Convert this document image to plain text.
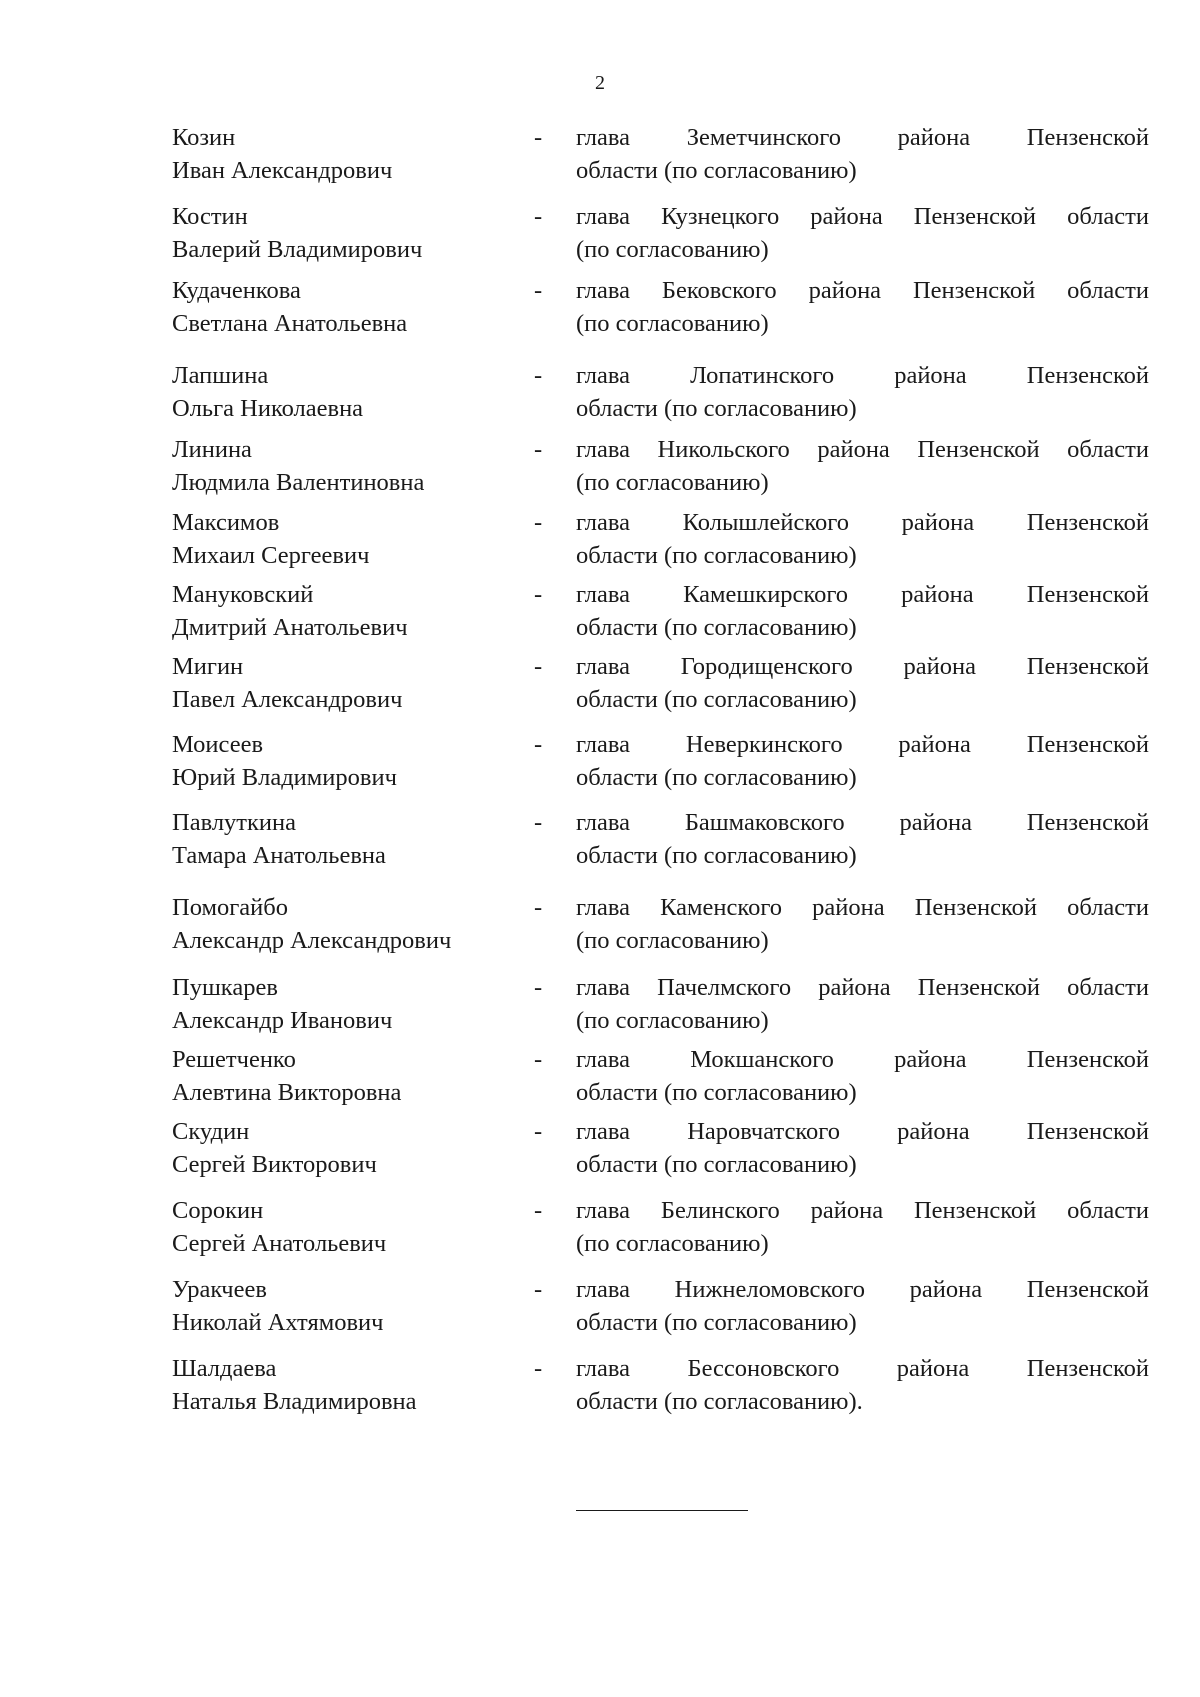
2
Козин
Иван Александрович
- глава Земетчинского района Пензенской
области (по согласованию)
Костин
Валерий Владимирович
- глава Кузнецкого района Пензенской области
(по согласованию)
Кудаченкова
Светлана Анатольевна
- глава Бековского района Пензенской области
(по согласованию)
Лапшина
Ольга Николаевна
- глава Лопатинского района Пензенской
области (по согласованию)
Линина
Людмила Валентиновна
- глава Никольского района Пензенской области
(по согласованию)
Максимов
Михаил Сергеевич
- глава Колышлейского района Пензенской
области (по согласованию)
Мануковский
Дмитрий Анатольевич
- глава Камешкирского района Пензенской
области (по согласованию)
Мигин
Павел Александрович
- глава Городищенского района Пензенской
области (по согласованию)
Моисеев
Юрий Владимирович
- глава Неверкинского района Пензенской
области (по согласованию)
Павлуткина
Тамара Анатольевна
- глава Башмаковского района Пензенской
области (по согласованию)
Помогайбо
Александр Александрович
- глава Каменского района Пензенской области
(по согласованию)
Пушкарев
Александр Иванович
- глава Пачелмского района Пензенской области
(по согласованию)
Решетченко
Алевтина Викторовна
- глава Мокшанского района Пензенской
области (по согласованию)
Скудин
Сергей Викторович
- глава Наровчатского района Пензенской
области (по согласованию)
Сорокин
Сергей Анатольевич
- глава Белинского района Пензенской области
(по согласованию)
Уракчеев
Николай Ахтямович
- глава Нижнеломовского района Пензенской
области (по согласованию)
Шалдаева
Наталья Владимировна
- глава Бессоновского района Пензенской
области (по согласованию).
